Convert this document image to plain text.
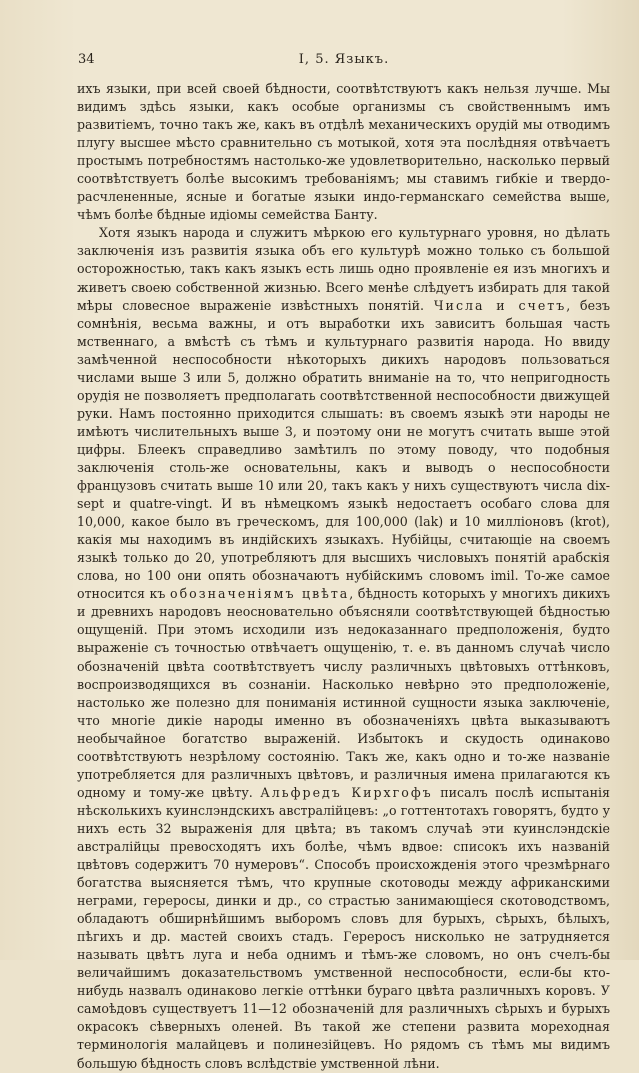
34	I, 5. Языкъ.

ихъ языки, при всей своей бѣдности, соотвѣтствуютъ какъ нельзя лучше. Мы видимъ здѣсь языки, какъ особые организмы съ свойственнымъ имъ развитіемъ, точно такъ же, какъ въ отдѣлѣ механическихъ орудій мы отводимъ плугу высшее мѣсто сравнительно съ мотыкой, хотя эта послѣдняя отвѣчаетъ простымъ потребностямъ настолько-же удовлетворительно, насколько первый соотвѣтствуетъ болѣе высокимъ требованіямъ; мы ставимъ гибкіе и твердо-расчлененные, ясные и богатые языки индо-германскаго семейства выше, чѣмъ болѣе бѣдные идіомы семейства Банту.

Хотя языкъ народа и служитъ мѣркою его культурнаго уровня, но дѣлать заключенія изъ развитія языка объ его культурѣ можно только съ большой осторожностью, такъ какъ языкъ есть лишь одно проявленіе ея изъ многихъ и живетъ своею собственной жизнью. Всего менѣе слѣдуетъ избирать для такой мѣры словесное выраженіе извѣстныхъ понятій. Числа и счетъ, безъ сомнѣнія, весьма важны, и отъ выработки ихъ зависитъ большая часть мственнаго, а вмѣстѣ съ тѣмъ и культурнаго развитія народа. Но ввиду замѣченной неспособности нѣкоторыхъ дикихъ народовъ пользоваться числами выше 3 или 5, должно обратить вниманіе на то, что непригодность орудія не позволяетъ предполагать соотвѣтственной неспособности движущей руки. Намъ постоянно приходится слышать: въ своемъ языкѣ эти народы не имѣютъ числительныхъ выше 3, и поэтому они не могутъ считать выше этой цифры. Блеекъ справедливо замѣтилъ по этому поводу, что подобныя заключенія столь-же основательны, какъ и выводъ о неспособности французовъ считать выше 10 или 20, такъ какъ у нихъ существуютъ числа dix-sept и quatre-vingt. И въ нѣмецкомъ языкѣ недостаетъ особаго слова для 10,000, какое было въ греческомъ, для 100,000 (lak) и 10 милліоновъ (krot), какія мы находимъ въ индійскихъ языкахъ. Нубійцы, считающіе на своемъ языкѣ только до 20, употребляютъ для высшихъ числовыхъ понятій арабскія слова, но 100 они опять обозначаютъ нубійскимъ словомъ imil. То-же самое относится къ обозначеніямъ цвѣта, бѣдность которыхъ у многихъ дикихъ и древнихъ народовъ неосновательно объясняли соотвѣтствующей бѣдностью ощущеній. При этомъ исходили изъ недоказаннаго предположенія, будто выраженіе съ точностью отвѣчаетъ ощущенію, т. е. въ данномъ случаѣ число обозначеній цвѣта соотвѣтствуетъ числу различныхъ цвѣтовыхъ оттѣнковъ, воспроизводящихся въ сознаніи. Насколько невѣрно это предположеніе, настолько же полезно для пониманія истинной сущности языка заключеніе, что многіе дикіе народы именно въ обозначеніяхъ цвѣта выказываютъ необычайное богатство выраженій. Избытокъ и скудость одинаково соотвѣтствуютъ незрѣлому состоянію. Такъ же, какъ одно и то-же названіе употребляется для различныхъ цвѣтовъ, и различныя имена прилагаются къ одному и тому-же цвѣту. Альфредъ Кирхгофъ писалъ послѣ испытанія нѣсколькихъ куинслэндскихъ австралійцевъ: „о готтентотахъ говорятъ, будто у нихъ есть 32 выраженія для цвѣта; въ такомъ случаѣ эти куинслэндскіе австралійцы превосходятъ ихъ болѣе, чѣмъ вдвое: списокъ ихъ названій цвѣтовъ содержитъ 70 нумеровъ“. Способъ происхожденія этого чрезмѣрнаго богатства выясняется тѣмъ, что крупные скотоводы между африканскими неграми, гереросы, динки и др., со страстью занимающіеся скотоводствомъ, обладаютъ обширнѣйшимъ выборомъ словъ для бурыхъ, сѣрыхъ, бѣлыхъ, пѣгихъ и др. мастей своихъ стадъ. Гереросъ нисколько не затрудняется называть цвѣтъ луга и неба однимъ и тѣмъ-же словомъ, но онъ счелъ-бы величайшимъ доказательствомъ умственной неспособности, если-бы кто-нибудь назвалъ одинаково легкіе оттѣнки бураго цвѣта различныхъ коровъ. У самоѣдовъ существуетъ 11—12 обозначеній для различныхъ сѣрыхъ и бурыхъ окрасокъ сѣверныхъ оленей. Въ такой же степени развита мореходная терминологія малайцевъ и полинезійцевъ. Но рядомъ съ тѣмъ мы видимъ большую бѣдность словъ вслѣдствіе умственной лѣни.
